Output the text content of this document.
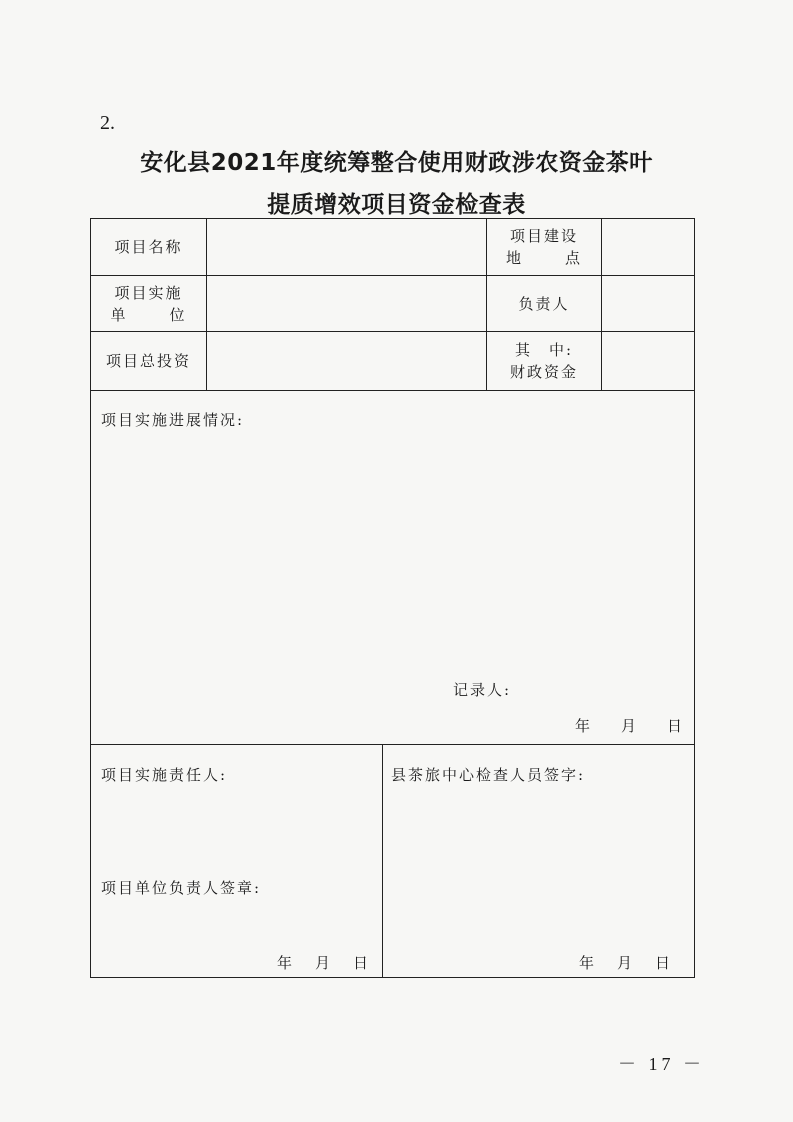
2.
安化县2021年度统筹整合使用财政涉农资金茶叶
提质增效项目资金检查表
项目名称
项目建设
地	点
项目实施
单	位
负责人
项目总投资
其　中:
财政资金
项目实施进展情况:
记录人:
年 月 日
项目实施责任人:
项目单位负责人签章:
年 月 日
县茶旅中心检查人员签字:
年 月 日
－ 17 －
